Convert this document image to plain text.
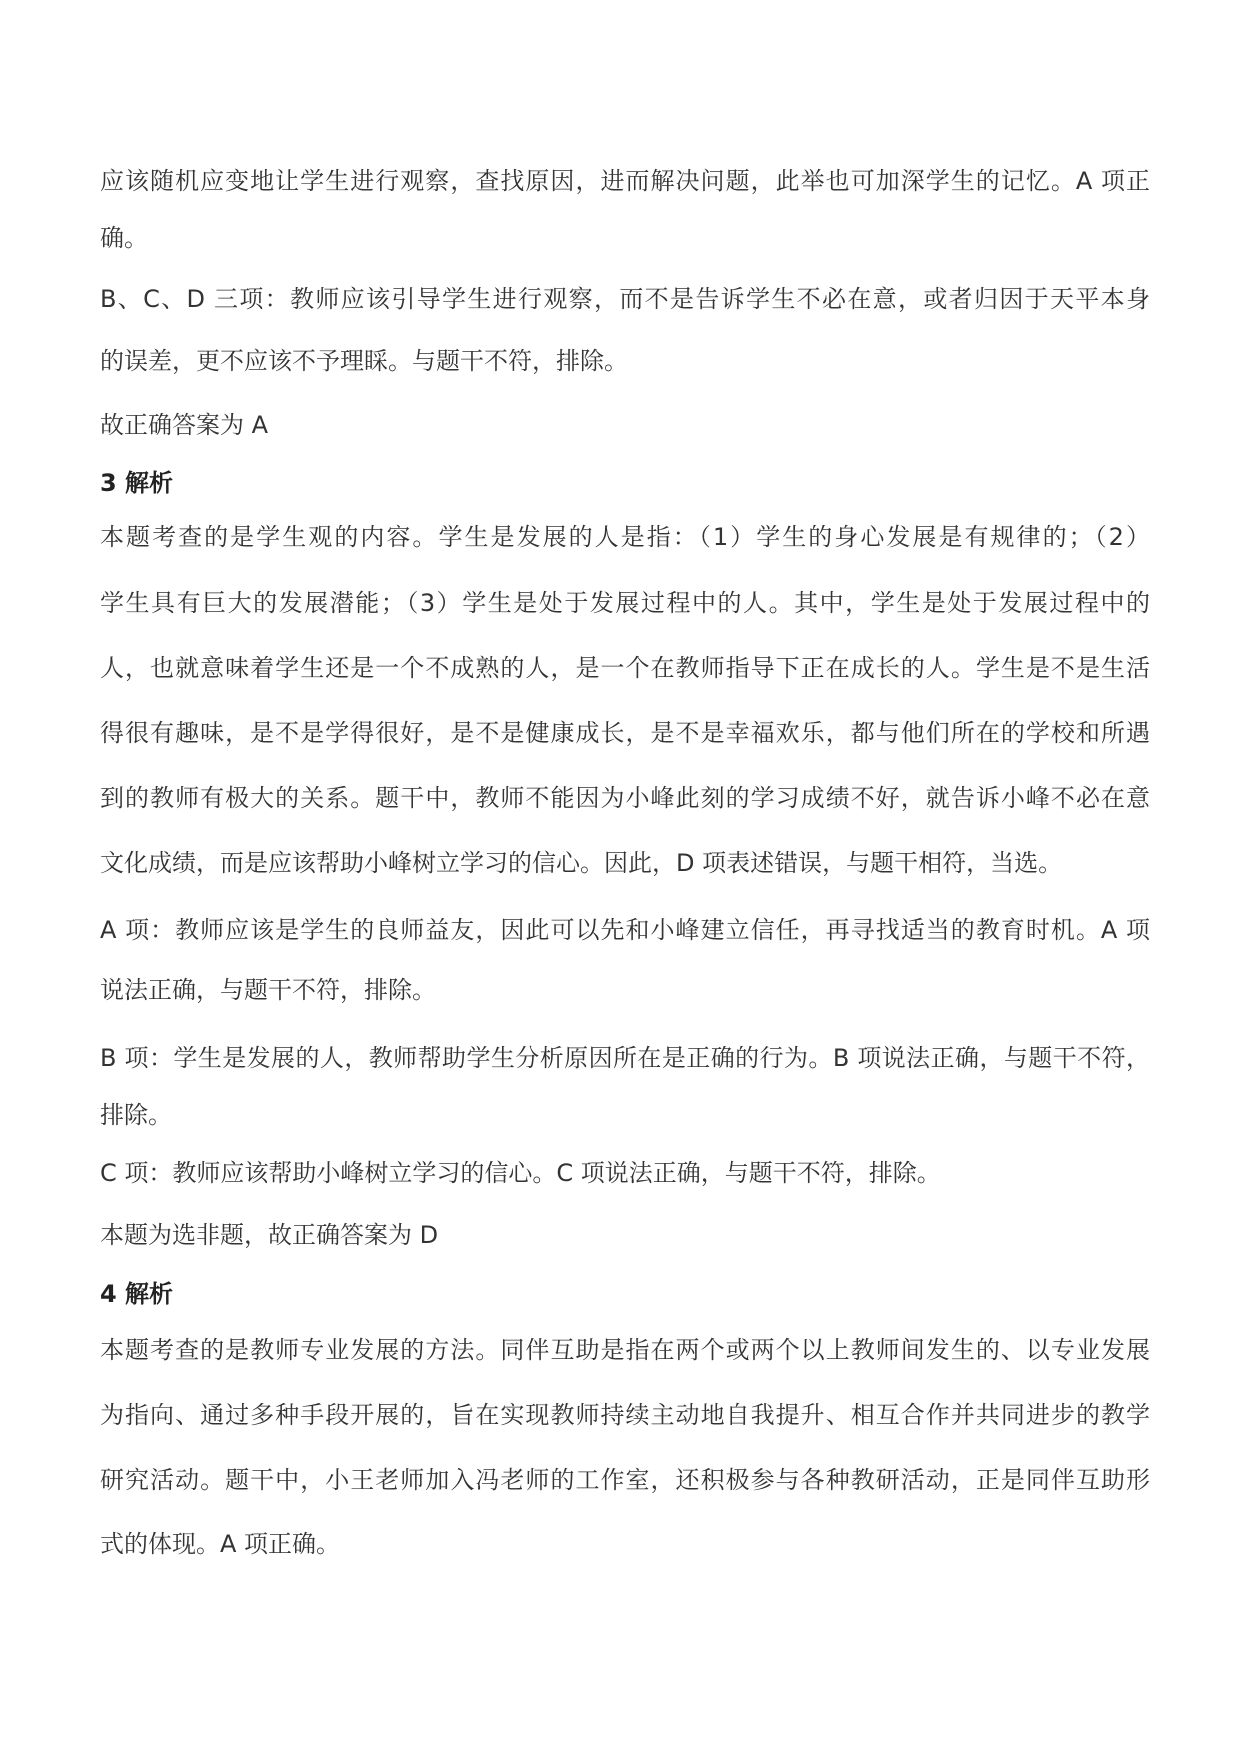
应该随机应变地让学生进行观察，查找原因，进而解决问题，此举也可加深学生的记忆。A 项正
确。
B、C、D 三项：教师应该引导学生进行观察，而不是告诉学生不必在意，或者归因于天平本身
的误差，更不应该不予理睬。与题干不符，排除。
故正确答案为 A
3 解析
本题考查的是学生观的内容。学生是发展的人是指：（1）学生的身心发展是有规律的；（2）
学生具有巨大的发展潜能；（3）学生是处于发展过程中的人。其中，学生是处于发展过程中的
人，也就意味着学生还是一个不成熟的人，是一个在教师指导下正在成长的人。学生是不是生活
得很有趣味，是不是学得很好，是不是健康成长，是不是幸福欢乐，都与他们所在的学校和所遇
到的教师有极大的关系。题干中，教师不能因为小峰此刻的学习成绩不好，就告诉小峰不必在意
文化成绩，而是应该帮助小峰树立学习的信心。因此，D 项表述错误，与题干相符，当选。
A 项：教师应该是学生的良师益友，因此可以先和小峰建立信任，再寻找适当的教育时机。A 项
说法正确，与题干不符，排除。
B 项：学生是发展的人，教师帮助学生分析原因所在是正确的行为。B 项说法正确，与题干不符，
排除。
C 项：教师应该帮助小峰树立学习的信心。C 项说法正确，与题干不符，排除。
本题为选非题，故正确答案为 D
4 解析
本题考查的是教师专业发展的方法。同伴互助是指在两个或两个以上教师间发生的、以专业发展
为指向、通过多种手段开展的，旨在实现教师持续主动地自我提升、相互合作并共同进步的教学
研究活动。题干中，小王老师加入冯老师的工作室，还积极参与各种教研活动，正是同伴互助形
式的体现。A 项正确。
